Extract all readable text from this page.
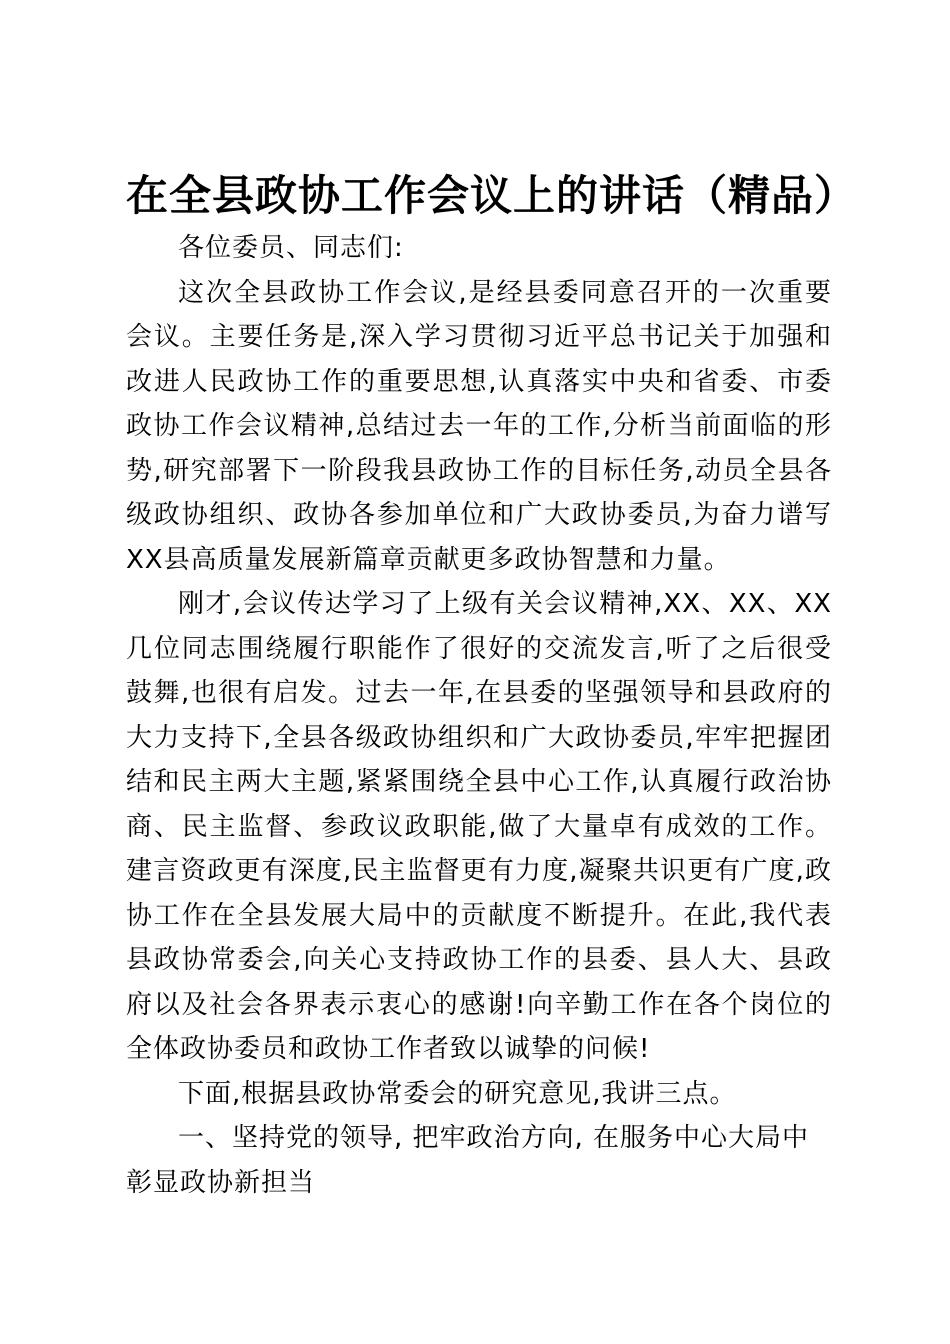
在全县政协工作会议上的讲话（精品）

各位委员、同志们:

这次全县政协工作会议,是经县委同意召开的一次重要会议。主要任务是,深入学习贯彻习近平总书记关于加强和改进人民政协工作的重要思想,认真落实中央和省委、市委政协工作会议精神,总结过去一年的工作,分析当前面临的形势,研究部署下一阶段我县政协工作的目标任务,动员全县各级政协组织、政协各参加单位和广大政协委员,为奋力谱写XX县高质量发展新篇章贡献更多政协智慧和力量。

刚才,会议传达学习了上级有关会议精神,XX、XX、XX几位同志围绕履行职能作了很好的交流发言,听了之后很受鼓舞,也很有启发。过去一年,在县委的坚强领导和县政府的大力支持下,全县各级政协组织和广大政协委员,牢牢把握团结和民主两大主题,紧紧围绕全县中心工作,认真履行政治协商、民主监督、参政议政职能,做了大量卓有成效的工作。建言资政更有深度,民主监督更有力度,凝聚共识更有广度,政协工作在全县发展大局中的贡献度不断提升。在此,我代表县政协常委会,向关心支持政协工作的县委、县人大、县政府以及社会各界表示衷心的感谢!向辛勤工作在各个岗位的全体政协委员和政协工作者致以诚挚的问候!

下面,根据县政协常委会的研究意见,我讲三点。

一、坚持党的领导, 把牢政治方向, 在服务中心大局中彰显政协新担当
